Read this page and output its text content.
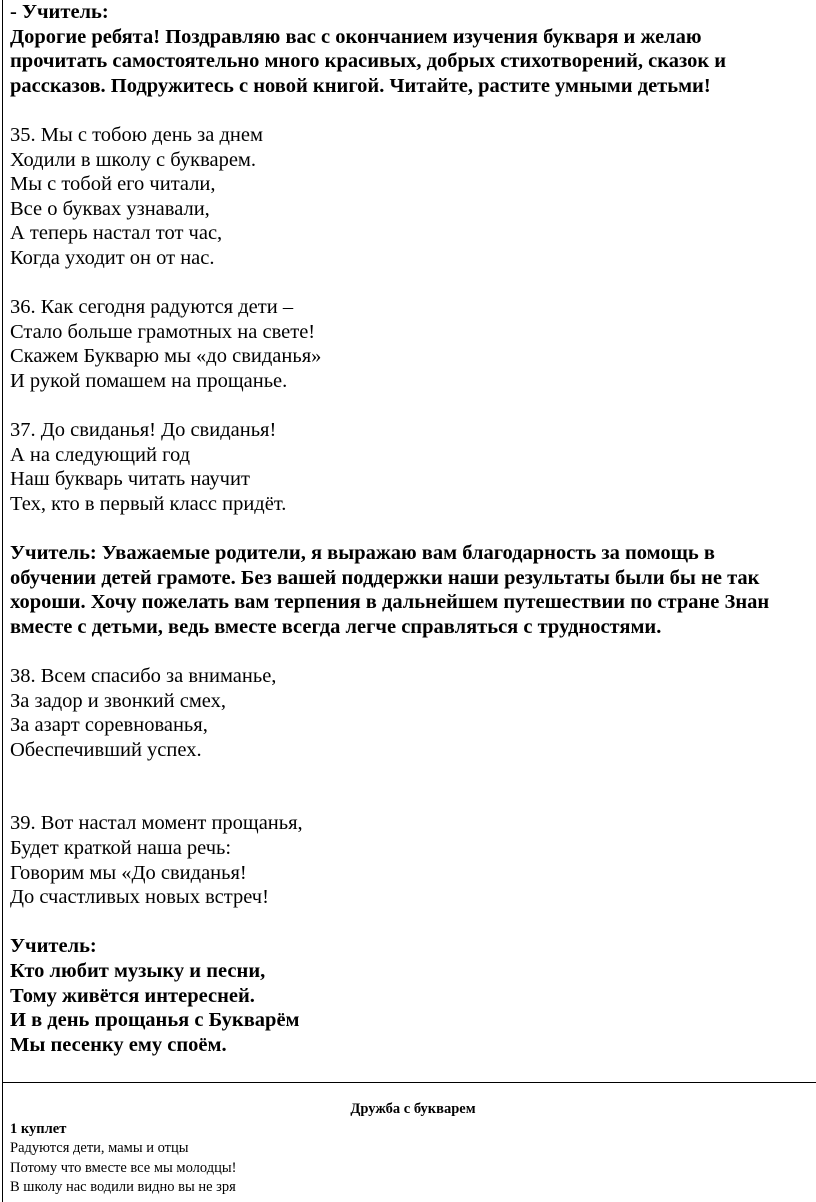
- Учитель:
Дорогие ребята! Поздравляю вас с окончанием изучения букваря и желаю
прочитать самостоятельно много красивых, добрых стихотворений, сказок и
рассказов. Подружитесь с новой книгой. Читайте, растите умными детьми!
35. Мы с тобою день за днем
Ходили в школу с букварем.
Мы с тобой его читали,
Все о буквах узнавали,
А теперь настал тот час,
Когда уходит он от нас.
36. Как сегодня радуются дети –
Стало больше грамотных на свете!
Скажем Букварю мы «до свиданья»
И рукой помашем на прощанье.
37. До свиданья! До свиданья!
А на следующий год
Наш букварь читать научит
Тех, кто в первый класс придёт.
Учитель: Уважаемые родители, я выражаю вам благодарность за помощь в
обучении детей грамоте. Без вашей поддержки наши результаты были бы не так
хороши. Хочу пожелать вам терпения в дальнейшем путешествии по стране Знан
вместе с детьми, ведь вместе всегда легче справляться с трудностями.
38. Всем спасибо за вниманье,
За задор и звонкий смех,
За азарт соревнованья,
Обеспечивший успех.
39. Вот настал момент прощанья,
Будет краткой наша речь:
Говорим мы «До свиданья!
До счастливых новых встреч!
Учитель:
Кто любит музыку и песни,
Тому живётся интересней.
И в день прощанья с Букварём
Мы песенку ему споём.
Дружба с букварем
1 куплет
Радуются дети, мамы и отцы
Потому что вместе все мы молодцы!
В школу нас водили видно вы не зря
